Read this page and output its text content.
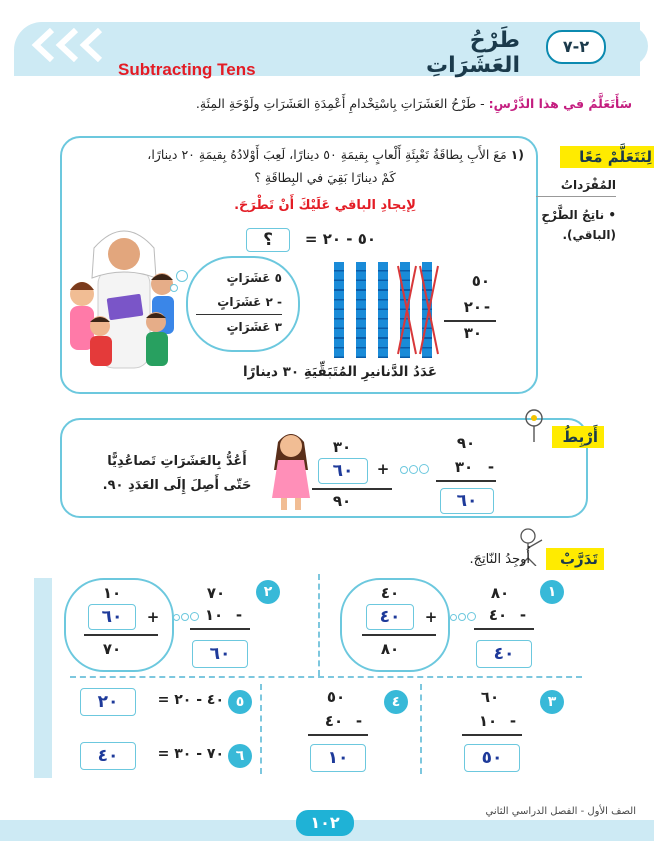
٢-٧
طَرْحُ العَشَرَاتِ
Subtracting Tens
سَأَتَعَلَّمُ في هذا الدَّرْسِ: - طَرْحُ العَشَرَاتِ بِاسْتِخْدامِ أَعْمِدَةِ العَشَرَاتِ ولَوْحَةِ المِئَةِ.
لِنَتَعَلَّمْ مَعًا
المُفْرَداتُ
• ناتِجُ الطَّرْحِ (الباقي).
(١ مَعَ الأَبِ بِطاقَةُ تَعْبِئَةِ أَلْعابٍ بِقيمَةِ ٥٠ دينارًا، لَعِبَ أَوْلادُهُ بِقيمَةِ ٢٠ دينارًا،
كَمْ دينارًا بَقِيَ في البِطاقَةِ ؟
لِإيجادِ الباقي عَلَيْكَ أَنْ تَطْرَحَ.
٥٠ - ٢٠ =
؟
٥ عَشَرَاتٍ
- ٢ عَشَرَاتٍ
٣ عَشَرَاتٍ
٥٠
٢٠ -
٣٠
عَدَدُ الدَّنانيرِ المُتَبَقِّيَةِ ٣٠ دينارًا
أَرْبِطُ
أَعُدُّ بِالعَشَرَاتِ تَصاعُدِيًّا
حَتّى أَصِلَ إِلَى العَدَدِ ٩٠.
٣٠
٦٠	+
٩٠
٩٠
٣٠ -
٦٠
تَدَرَّبْ
أُوجِدُ النّاتِجَ.
١
٨٠
٤٠ -
٤٠
٤٠
٤٠	+
٨٠
٢
٧٠
١٠ -
٦٠
١٠
٦٠	+
٧٠
٣
٦٠
١٠ -
٥٠
٤
٥٠
٤٠ -
١٠
٥
٤٠ - ٢٠ =
٢٠
٦
٧٠ - ٣٠ =
٤٠
١٠٢
الصف الأول - الفصل الدراسي الثاني
